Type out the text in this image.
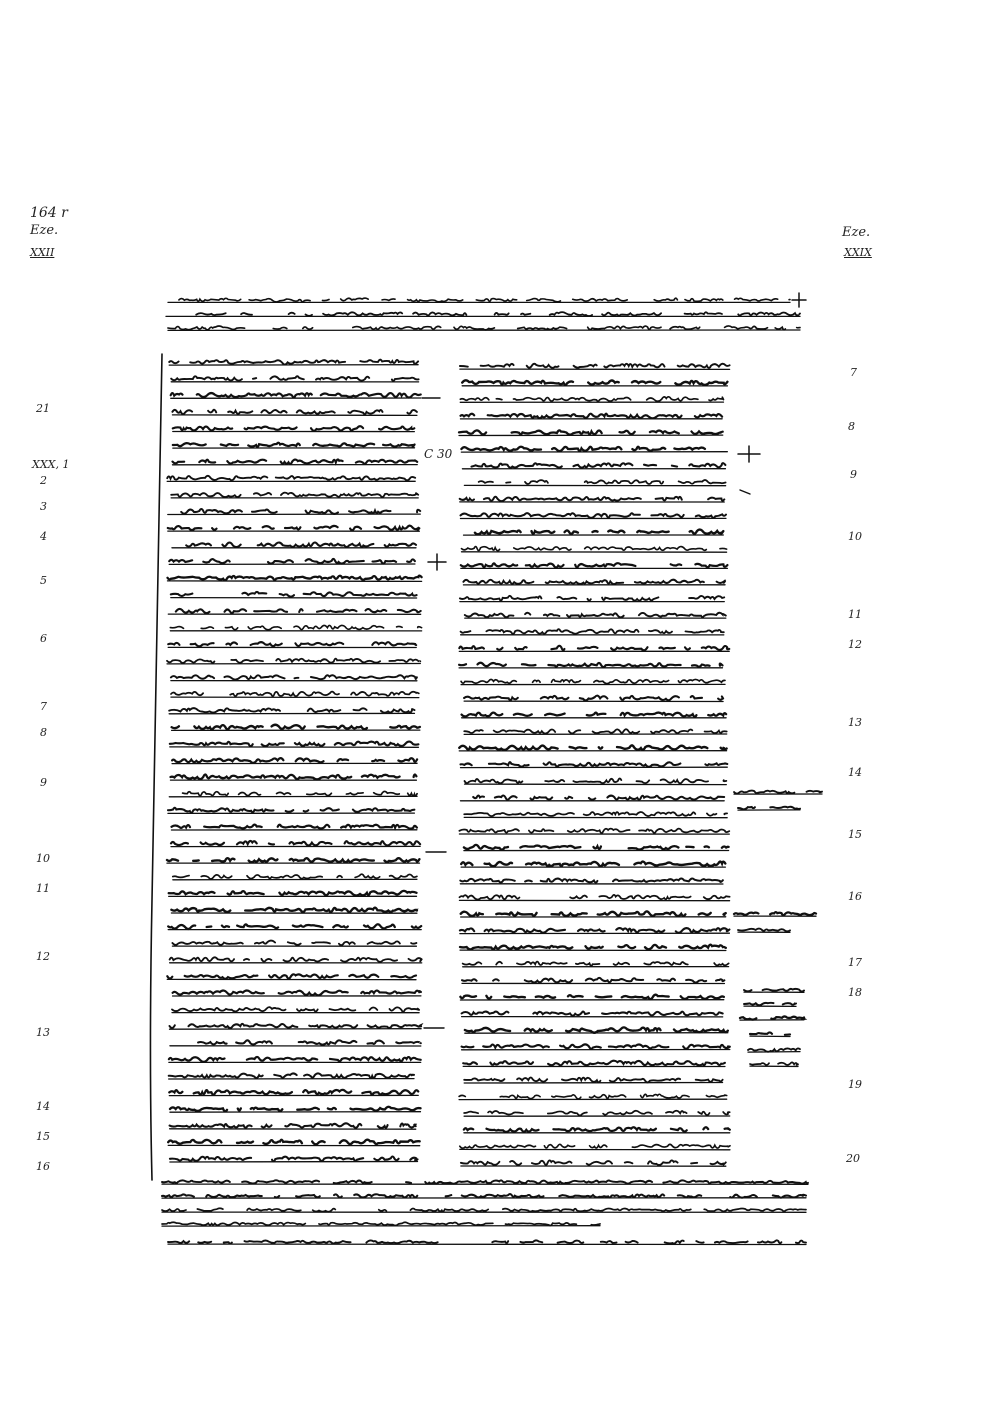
164 r
Eze.
XXII
Eze.
XXIX
21
XXX, 1
2
3
4
5
6
7
8
9
10
11
12
13
14
15
16
7
8
9
10
11
12
13
14
15
16
17
18
19
20
C 30
